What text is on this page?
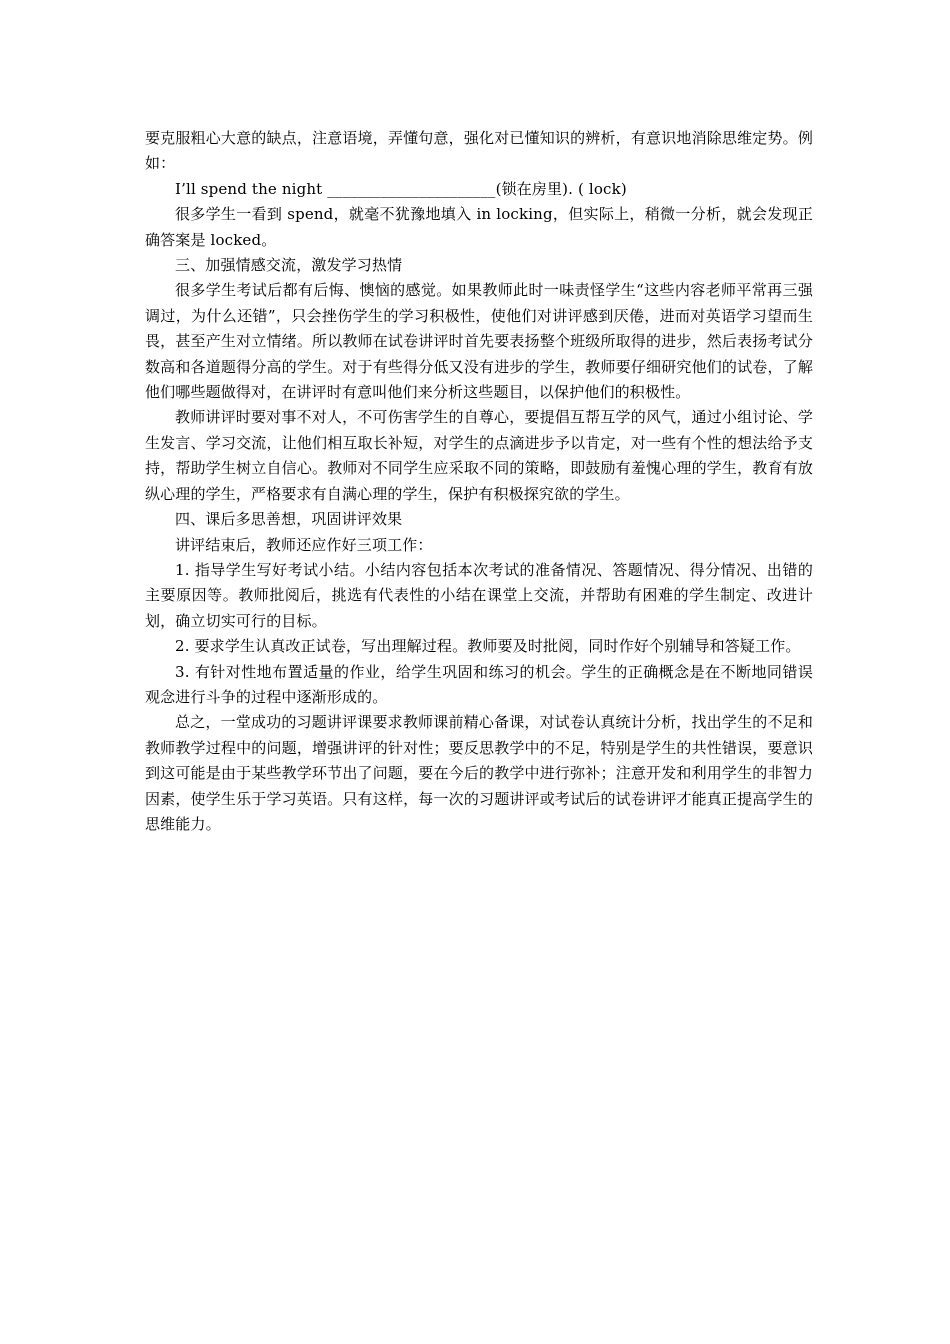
要克服粗心大意的缺点，注意语境，弄懂句意，强化对已懂知识的辨析，有意识地消除思维定势。例如：

I’ll spend the night ______________________(锁在房里). ( lock)

很多学生一看到 spend，就毫不犹豫地填入 in locking，但实际上，稍微一分析，就会发现正确答案是 locked。

三、加强情感交流，激发学习热情

很多学生考试后都有后悔、懊恼的感觉。如果教师此时一味责怪学生“这些内容老师平常再三强调过，为什么还错”，只会挫伤学生的学习积极性，使他们对讲评感到厌倦，进而对英语学习望而生畏，甚至产生对立情绪。所以教师在试卷讲评时首先要表扬整个班级所取得的进步，然后表扬考试分数高和各道题得分高的学生。对于有些得分低又没有进步的学生，教师要仔细研究他们的试卷，了解他们哪些题做得对，在讲评时有意叫他们来分析这些题目，以保护他们的积极性。

教师讲评时要对事不对人，不可伤害学生的自尊心，要提倡互帮互学的风气，通过小组讨论、学生发言、学习交流，让他们相互取长补短，对学生的点滴进步予以肯定，对一些有个性的想法给予支持，帮助学生树立自信心。教师对不同学生应采取不同的策略，即鼓励有羞愧心理的学生，教育有放纵心理的学生，严格要求有自满心理的学生，保护有积极探究欲的学生。

四、课后多思善想，巩固讲评效果

讲评结束后，教师还应作好三项工作：

1. 指导学生写好考试小结。小结内容包括本次考试的准备情况、答题情况、得分情况、出错的主要原因等。教师批阅后，挑选有代表性的小结在课堂上交流，并帮助有困难的学生制定、改进计划，确立切实可行的目标。

2. 要求学生认真改正试卷，写出理解过程。教师要及时批阅，同时作好个别辅导和答疑工作。

3. 有针对性地布置适量的作业，给学生巩固和练习的机会。学生的正确概念是在不断地同错误观念进行斗争的过程中逐渐形成的。

总之，一堂成功的习题讲评课要求教师课前精心备课，对试卷认真统计分析，找出学生的不足和教师教学过程中的问题，增强讲评的针对性；要反思教学中的不足，特别是学生的共性错误，要意识到这可能是由于某些教学环节出了问题，要在今后的教学中进行弥补；注意开发和利用学生的非智力因素，使学生乐于学习英语。只有这样，每一次的习题讲评或考试后的试卷讲评才能真正提高学生的思维能力。
